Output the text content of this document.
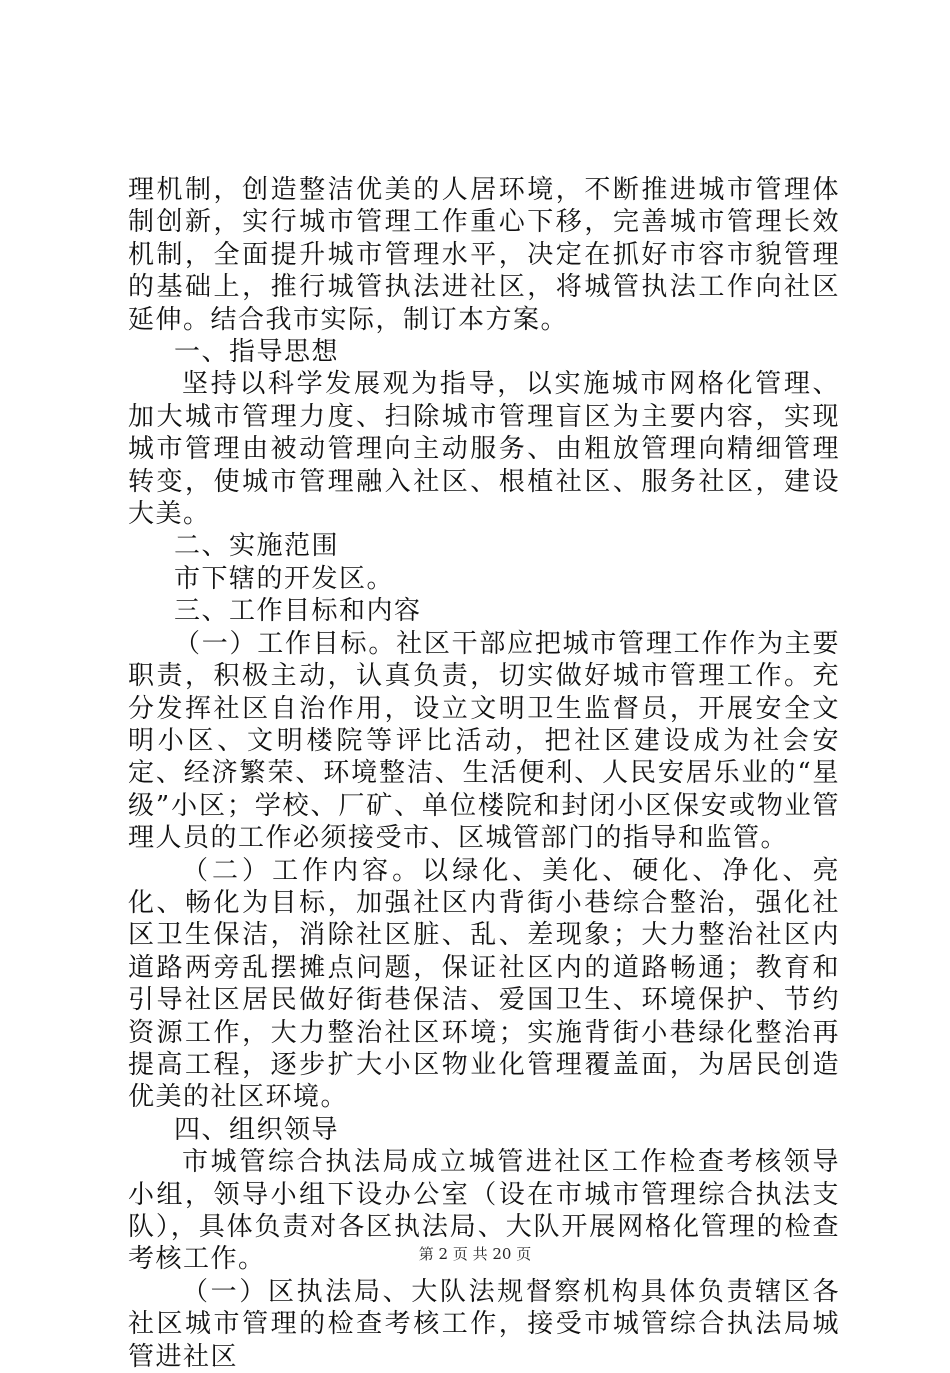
理机制，创造整洁优美的人居环境，不断推进城市管理体制创新，实行城市管理工作重心下移，完善城市管理长效机制，全面提升城市管理水平，决定在抓好市容市貌管理的基础上，推行城管执法进社区，将城管执法工作向社区延伸。结合我市实际，制订本方案。

一、指导思想

坚持以科学发展观为指导，以实施城市网格化管理、加大城市管理力度、扫除城市管理盲区为主要内容，实现城市管理由被动管理向主动服务、由粗放管理向精细管理转变，使城市管理融入社区、根植社区、服务社区，建设大美。

二、实施范围

市下辖的开发区。

三、工作目标和内容

（一）工作目标。社区干部应把城市管理工作作为主要职责，积极主动，认真负责，切实做好城市管理工作。充分发挥社区自治作用，设立文明卫生监督员，开展安全文明小区、文明楼院等评比活动，把社区建设成为社会安定、经济繁荣、环境整洁、生活便利、人民安居乐业的“星级”小区；学校、厂矿、单位楼院和封闭小区保安或物业管理人员的工作必须接受市、区城管部门的指导和监管。

（二）工作内容。以绿化、美化、硬化、净化、亮化、畅化为目标，加强社区内背街小巷综合整治，强化社区卫生保洁，消除社区脏、乱、差现象；大力整治社区内道路两旁乱摆摊点问题，保证社区内的道路畅通；教育和引导社区居民做好街巷保洁、爱国卫生、环境保护、节约资源工作，大力整治社区环境；实施背街小巷绿化整治再提高工程，逐步扩大小区物业化管理覆盖面，为居民创造优美的社区环境。

四、组织领导

市城管综合执法局成立城管进社区工作检查考核领导小组，领导小组下设办公室（设在市城市管理综合执法支队），具体负责对各区执法局、大队开展网格化管理的检查考核工作。

（一）区执法局、大队法规督察机构具体负责辖区各社区城市管理的检查考核工作，接受市城管综合执法局城管进社区

第 2 页 共 20 页
